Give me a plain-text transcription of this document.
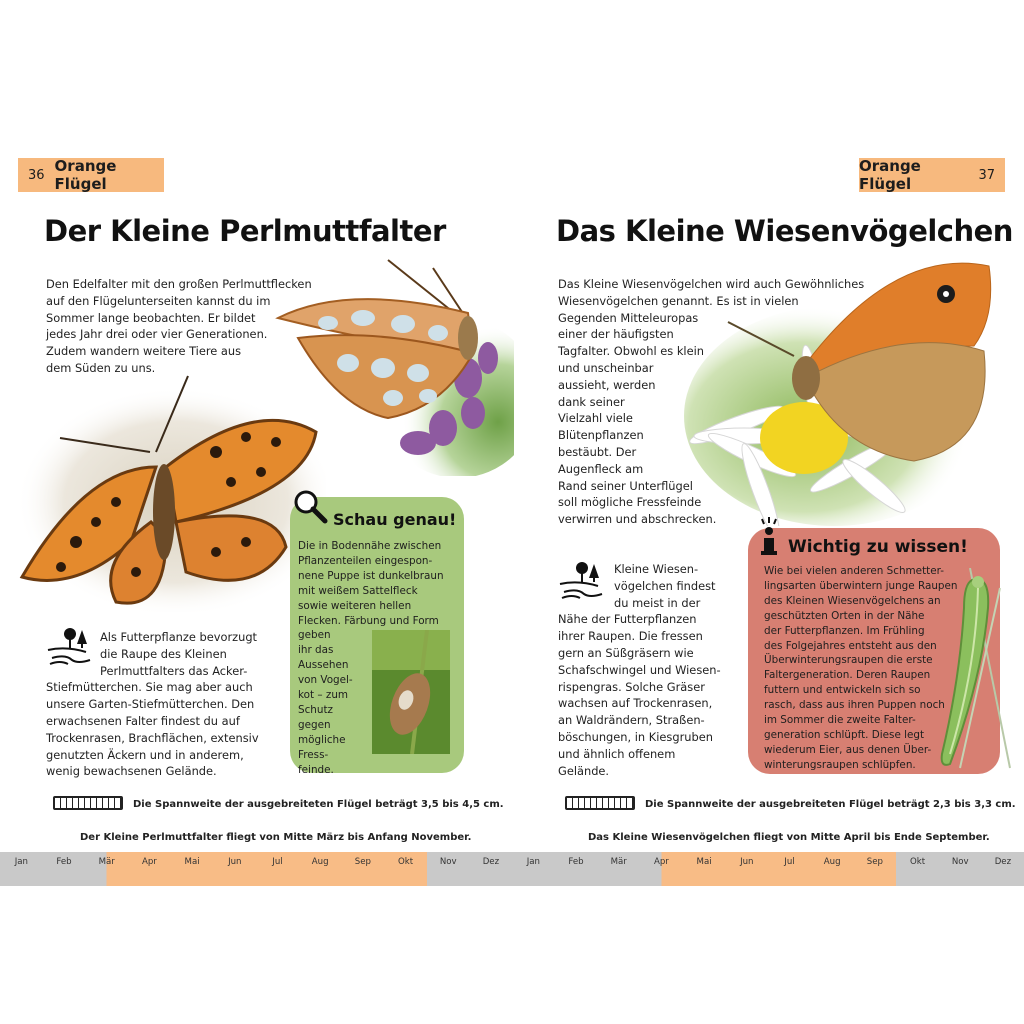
36 Orange Flügel
Der Kleine Perlmuttfalter

Den Edelfalter mit den großen Perlmuttflecken

auf den Flügelunterseiten kannst du im

Sommer lange beobachten. Er bildet

jedes Jahr drei oder vier Generationen.

Zudem wandern weitere Tiere aus

dem Süden zu uns.

Schau genau!

Die in Bodennähe zwischen

Pflanzenteilen eingespon-

nene Puppe ist dunkelbraun

mit weißem Sattelfleck

sowie weiteren hellen

Flecken. Färbung und Form

geben

ihr das

Aussehen

von Vogel-

kot – zum

Schutz

gegen

mögliche

Fress-

feinde.

Als Futterpflanze bevorzugt

die Raupe des Kleinen

Perlmuttfalters das Acker-

Stiefmütterchen. Sie mag aber auch

unsere Garten-Stiefmütterchen. Den

erwachsenen Falter findest du auf

Trockenrasen, Brachflächen, extensiv

genutzten Äckern und in anderem,

wenig bewachsenen Gelände.

Die Spannweite der ausgebreiteten Flügel beträgt 3,5 bis 4,5 cm.
Der Kleine Perlmuttfalter fliegt von Mitte März bis Anfang November.
Orange Flügel	37
Das Kleine Wiesenvögelchen

Das Kleine Wiesenvögelchen wird auch Gewöhnliches

Wiesenvögelchen genannt. Es ist in vielen

Gegenden Mitteleuropas

einer der häufigsten

Tagfalter. Obwohl es klein

und unscheinbar

aussieht, werden

dank seiner

Vielzahl viele

Blütenpflanzen

bestäubt. Der

Augenfleck am

Rand seiner Unterflügel

soll mögliche Fressfeinde

verwirren und abschrecken.

Wichtig zu wissen!

Wie bei vielen anderen Schmetter-

lingsarten überwintern junge Raupen

des Kleinen Wiesenvögelchens an

geschützten Orten in der Nähe

der Futterpflanzen. Im Frühling

des Folgejahres entsteht aus den

Überwinterungsraupen die erste

Faltergeneration. Deren Raupen

futtern und entwickeln sich so

rasch, dass aus ihren Puppen noch

im Sommer die zweite Falter-

generation schlüpft. Diese legt

wiederum Eier, aus denen Über-

winterungsraupen schlüpfen.

Kleine Wiesen-

vögelchen findest

du meist in der

Nähe der Futterpflanzen

ihrer Raupen. Die fressen

gern an Süßgräsern wie

Schafschwingel und Wiesen-

rispengras. Solche Gräser

wachsen auf Trockenrasen,

an Waldrändern, Straßen-

böschungen, in Kiesgruben

und ähnlich offenem

Gelände.

Die Spannweite der ausgebreiteten Flügel beträgt 2,3 bis 3,3 cm.
Das Kleine Wiesenvögelchen fliegt von Mitte April bis Ende September.
Jan	Feb	Mär	Apr	Mai	Jun	Jul	Aug	Sep	Okt	Nov	Dez	Jan	Feb	Mär	Apr	Mai	Jun	Jul	Aug	Sep	Okt	Nov	Dez
